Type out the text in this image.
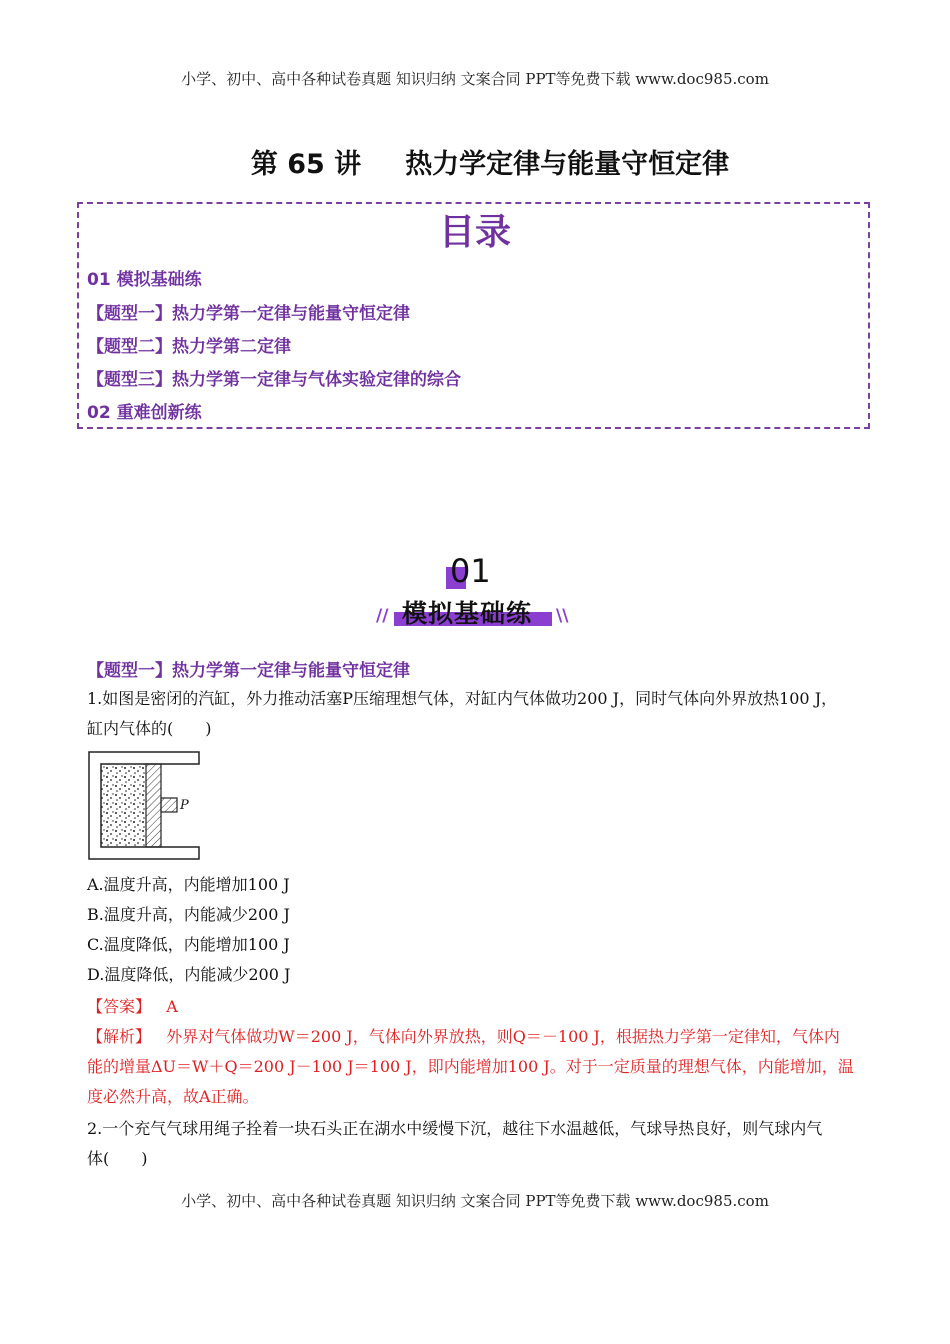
小学、初中、高中各种试卷真题 知识归纳 文案合同 PPT等免费下载 www.doc985.com
第 65 讲 热力学定律与能量守恒定律
目录
01 模拟基础练
【题型一】热力学第一定律与能量守恒定律
【题型二】热力学第二定律
【题型三】热力学第一定律与气体实验定律的综合
02 重难创新练
01
// 模拟基础练 \\
【题型一】热力学第一定律与能量守恒定律
1.如图是密闭的汽缸，外力推动活塞P压缩理想气体，对缸内气体做功200 J，同时气体向外界放热100 J，
缸内气体的(　　)
P
A.温度升高，内能增加100 J
B.温度升高，内能减少200 J
C.温度降低，内能增加100 J
D.温度降低，内能减少200 J
【答案】 A
【解析】 外界对气体做功W＝200 J，气体向外界放热，则Q＝－100 J，根据热力学第一定律知，气体内
能的增量ΔU＝W＋Q＝200 J－100 J＝100 J，即内能增加100 J。对于一定质量的理想气体，内能增加，温
度必然升高，故A正确。
2.一个充气气球用绳子拴着一块石头正在湖水中缓慢下沉，越往下水温越低，气球导热良好，则气球内气
体(　　)
小学、初中、高中各种试卷真题 知识归纳 文案合同 PPT等免费下载 www.doc985.com
